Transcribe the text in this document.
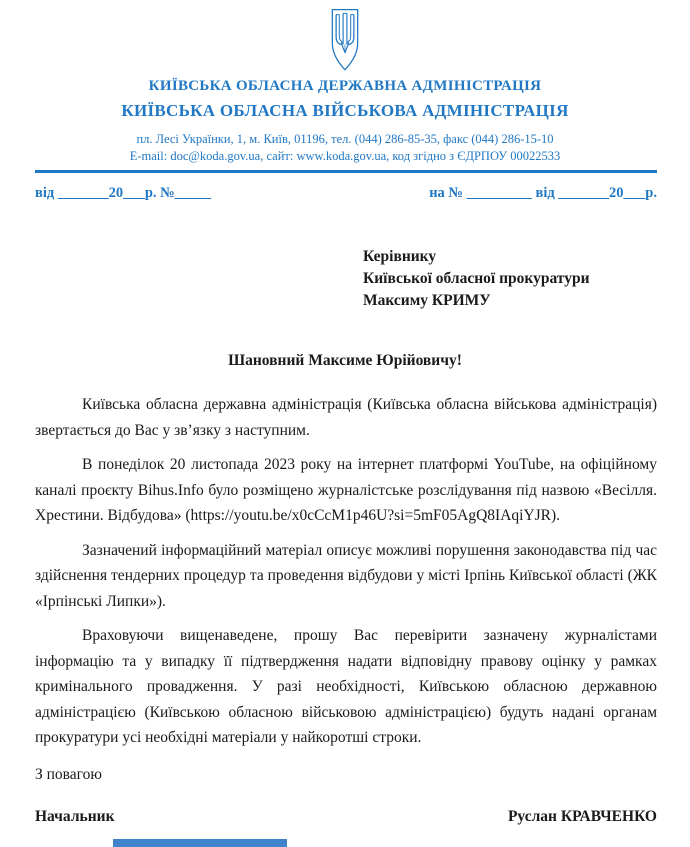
КИЇВСЬКА ОБЛАСНА ДЕРЖАВНА АДМІНІСТРАЦІЯ
КИЇВСЬКА ОБЛАСНА ВІЙСЬКОВА АДМІНІСТРАЦІЯ
пл. Лесі Українки, 1, м. Київ, 01196, тел. (044) 286-85-35, факс (044) 286-15-10
E-mail: doc@koda.gov.ua, сайт: www.koda.gov.ua, код згідно з ЄДРПОУ 00022533
від _______20___р. №_____	на № _________ від _______20___р.
Керівнику
Київської обласної прокуратури
Максиму КРИМУ
Шановний Максиме Юрійовичу!

Київська обласна державна адміністрація (Київська обласна військова адміністрація) звертається до Вас у зв’язку з наступним.

В понеділок 20 листопада 2023 року на інтернет платформі YouTube, на офіційному каналі проєкту Bihus.Info було розміщено журналістське розслідування під назвою «Весілля. Хрестини. Відбудова» (https://youtu.be/x0cCcM1p46U?si=5mF05AgQ8IAqiYJR).

Зазначений інформаційний матеріал описує можливі порушення законодавства під час здійснення тендерних процедур та проведення відбудови у місті Ірпінь Київської області (ЖК «Ірпінські Липки»).

Враховуючи вищенаведене, прошу Вас перевірити зазначену журналістами інформацію та у випадку її підтвердження надати відповідну правову оцінку у рамках кримінального провадження. У разі необхідності, Київською обласною державною адміністрацією (Київською обласною військовою адміністрацією) будуть надані органам прокуратури усі необхідні матеріали у найкоротші строки.

З повагою
Начальник	Руслан КРАВЧЕНКО
